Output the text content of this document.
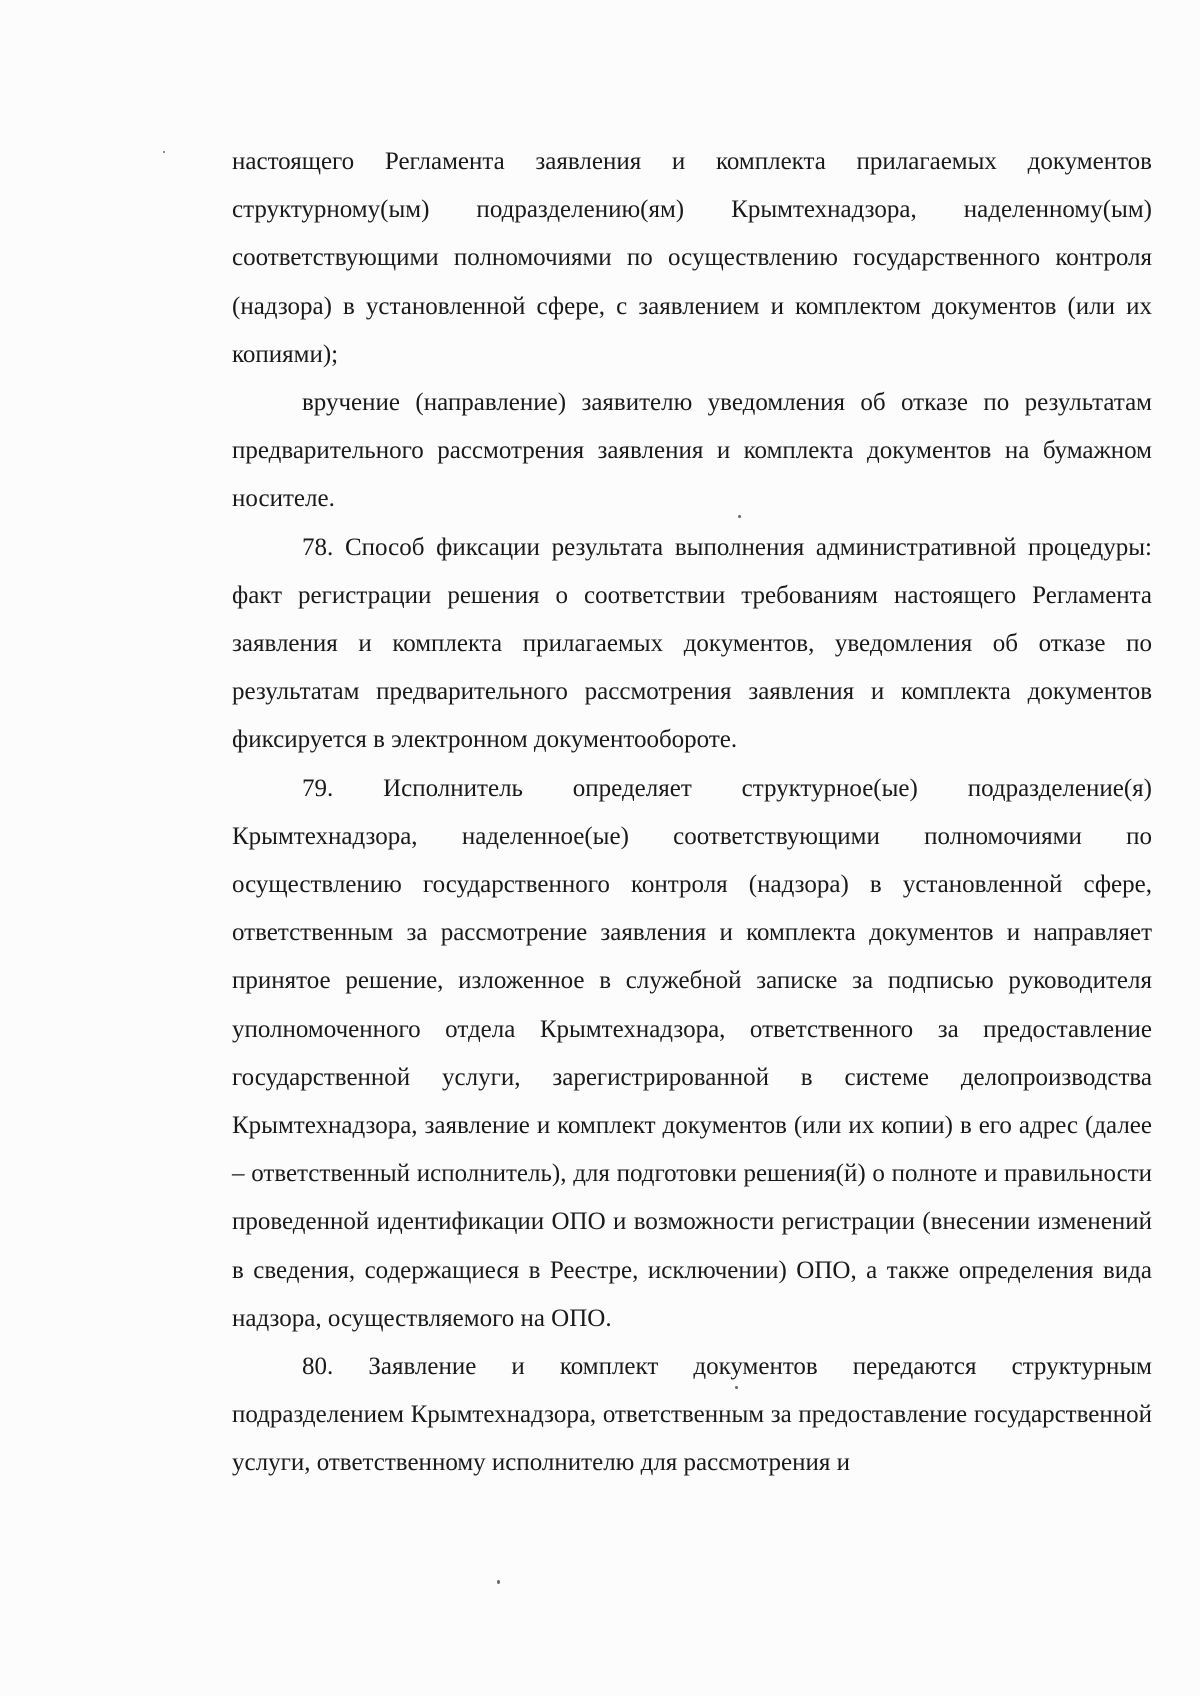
настоящего Регламента заявления и комплекта прилагаемых документов структурному(ым) подразделению(ям) Крымтехнадзора, наделенному(ым) соответствующими полномочиями по осуществлению государственного контроля (надзора) в установленной сфере, с заявлением и комплектом документов (или их копиями);

вручение (направление) заявителю уведомления об отказе по результатам предварительного рассмотрения заявления и комплекта документов на бумажном носителе.

78. Способ фиксации результата выполнения административной процедуры: факт регистрации решения о соответствии требованиям настоящего Регламента заявления и комплекта прилагаемых документов, уведомления об отказе по результатам предварительного рассмотрения заявления и комплекта документов фиксируется в электронном документообороте.

79. Исполнитель определяет структурное(ые) подразделение(я) Крымтехнадзора, наделенное(ые) соответствующими полномочиями по осуществлению государственного контроля (надзора) в установленной сфере, ответственным за рассмотрение заявления и комплекта документов и направляет принятое решение, изложенное в служебной записке за подписью руководителя уполномоченного отдела Крымтехнадзора, ответственного за предоставление государственной услуги, зарегистрированной в системе делопроизводства Крымтехнадзора, заявление и комплект документов (или их копии) в его адрес (далее – ответственный исполнитель), для подготовки решения(й) о полноте и правильности проведенной идентификации ОПО и возможности регистрации (внесении изменений в сведения, содержащиеся в Реестре, исключении) ОПО, а также определения вида надзора, осуществляемого на ОПО.

80. Заявление и комплект документов передаются структурным подразделением Крымтехнадзора, ответственным за предоставление государственной услуги, ответственному исполнителю для рассмотрения и
